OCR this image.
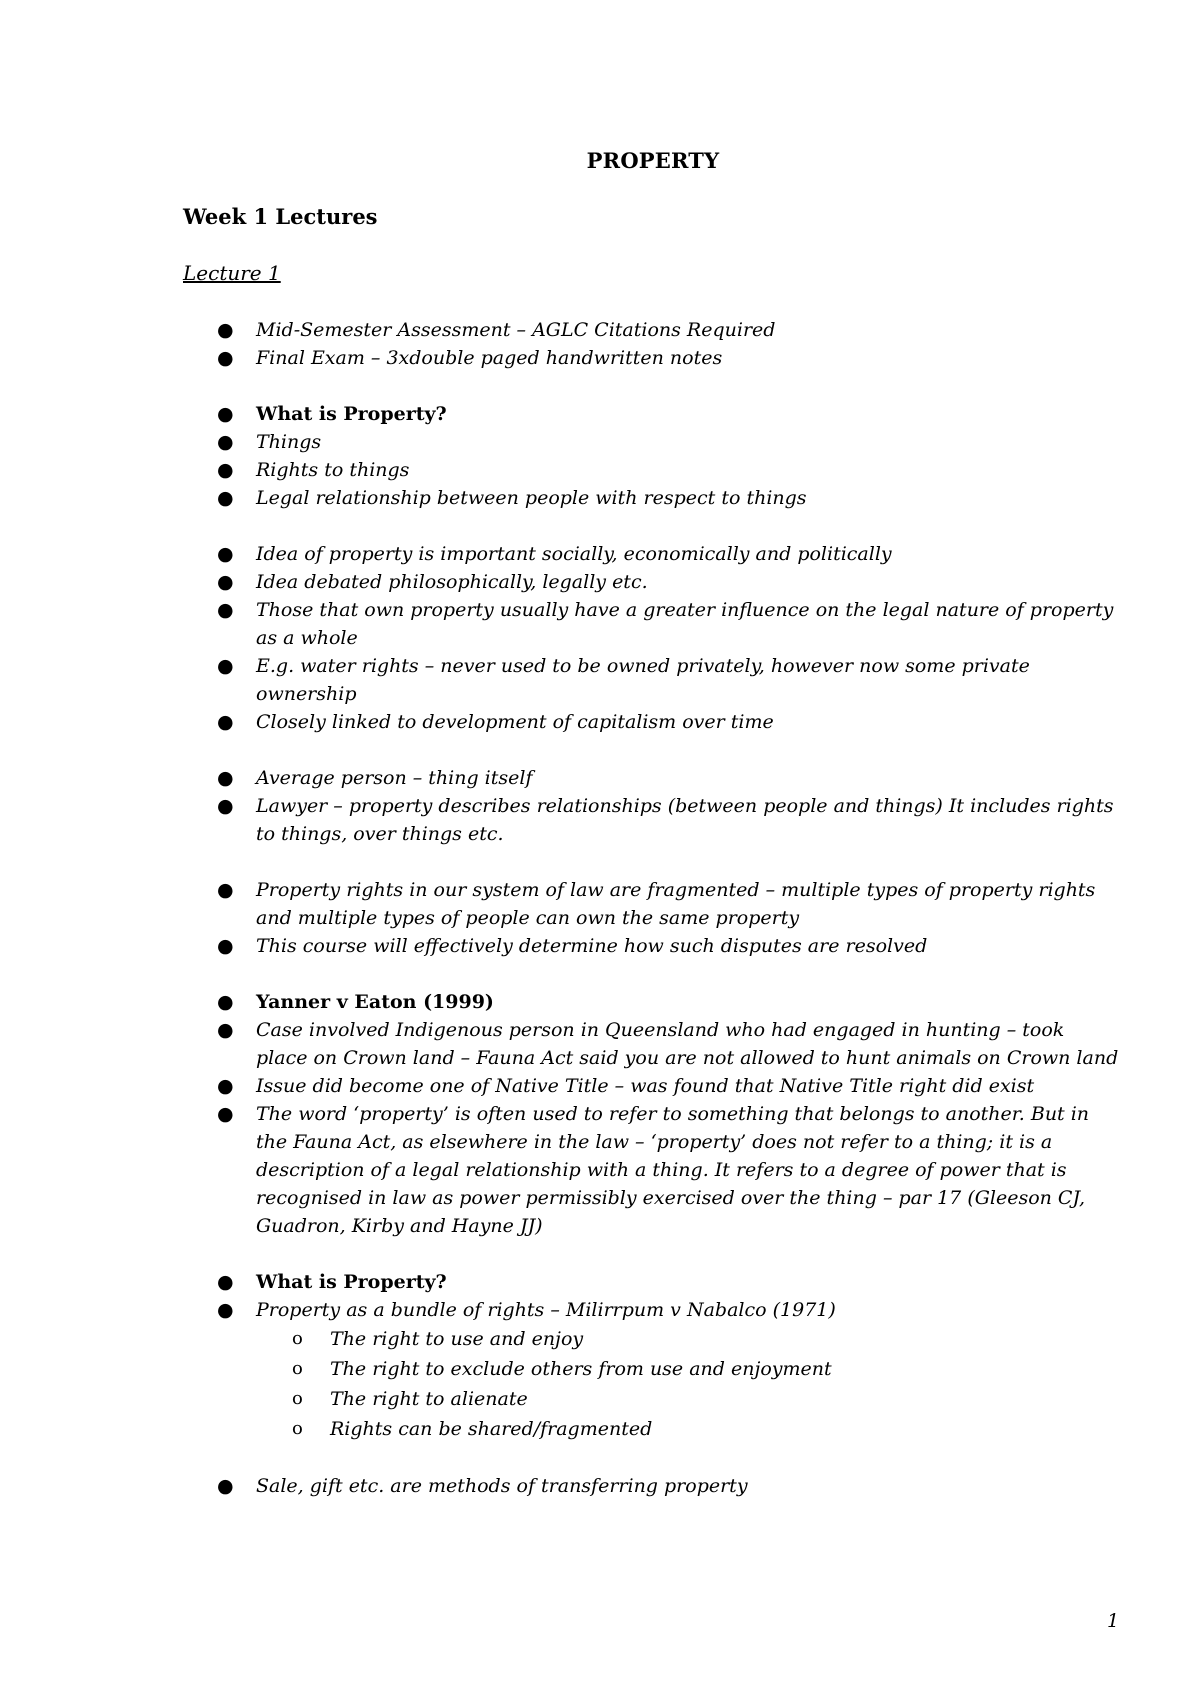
PROPERTY
Week 1 Lectures
Lecture 1
● Mid-Semester Assessment – AGLC Citations Required
● Final Exam – 3xdouble paged handwritten notes
● What is Property?
● Things
● Rights to things
● Legal relationship between people with respect to things
● Idea of property is important socially, economically and politically
● Idea debated philosophically, legally etc.
● Those that own property usually have a greater influence on the legal nature of property as a whole
● E.g. water rights – never used to be owned privately, however now some private ownership
● Closely linked to development of capitalism over time
● Average person – thing itself
● Lawyer – property describes relationships (between people and things) It includes rights to things, over things etc.
● Property rights in our system of law are fragmented – multiple types of property rights and multiple types of people can own the same property
● This course will effectively determine how such disputes are resolved
● Yanner v Eaton (1999)
● Case involved Indigenous person in Queensland who had engaged in hunting – took place on Crown land – Fauna Act said you are not allowed to hunt animals on Crown land
● Issue did become one of Native Title – was found that Native Title right did exist
● The word ‘property’ is often used to refer to something that belongs to another. But in the Fauna Act, as elsewhere in the law – ‘property’ does not refer to a thing; it is a description of a legal relationship with a thing. It refers to a degree of power that is recognised in law as power permissibly exercised over the thing – par 17 (Gleeson CJ, Guadron, Kirby and Hayne JJ)
● What is Property?
● Property as a bundle of rights – Milirrpum v Nabalco (1971)
o The right to use and enjoy
o The right to exclude others from use and enjoyment
o The right to alienate
o Rights can be shared/fragmented
● Sale, gift etc. are methods of transferring property
1
